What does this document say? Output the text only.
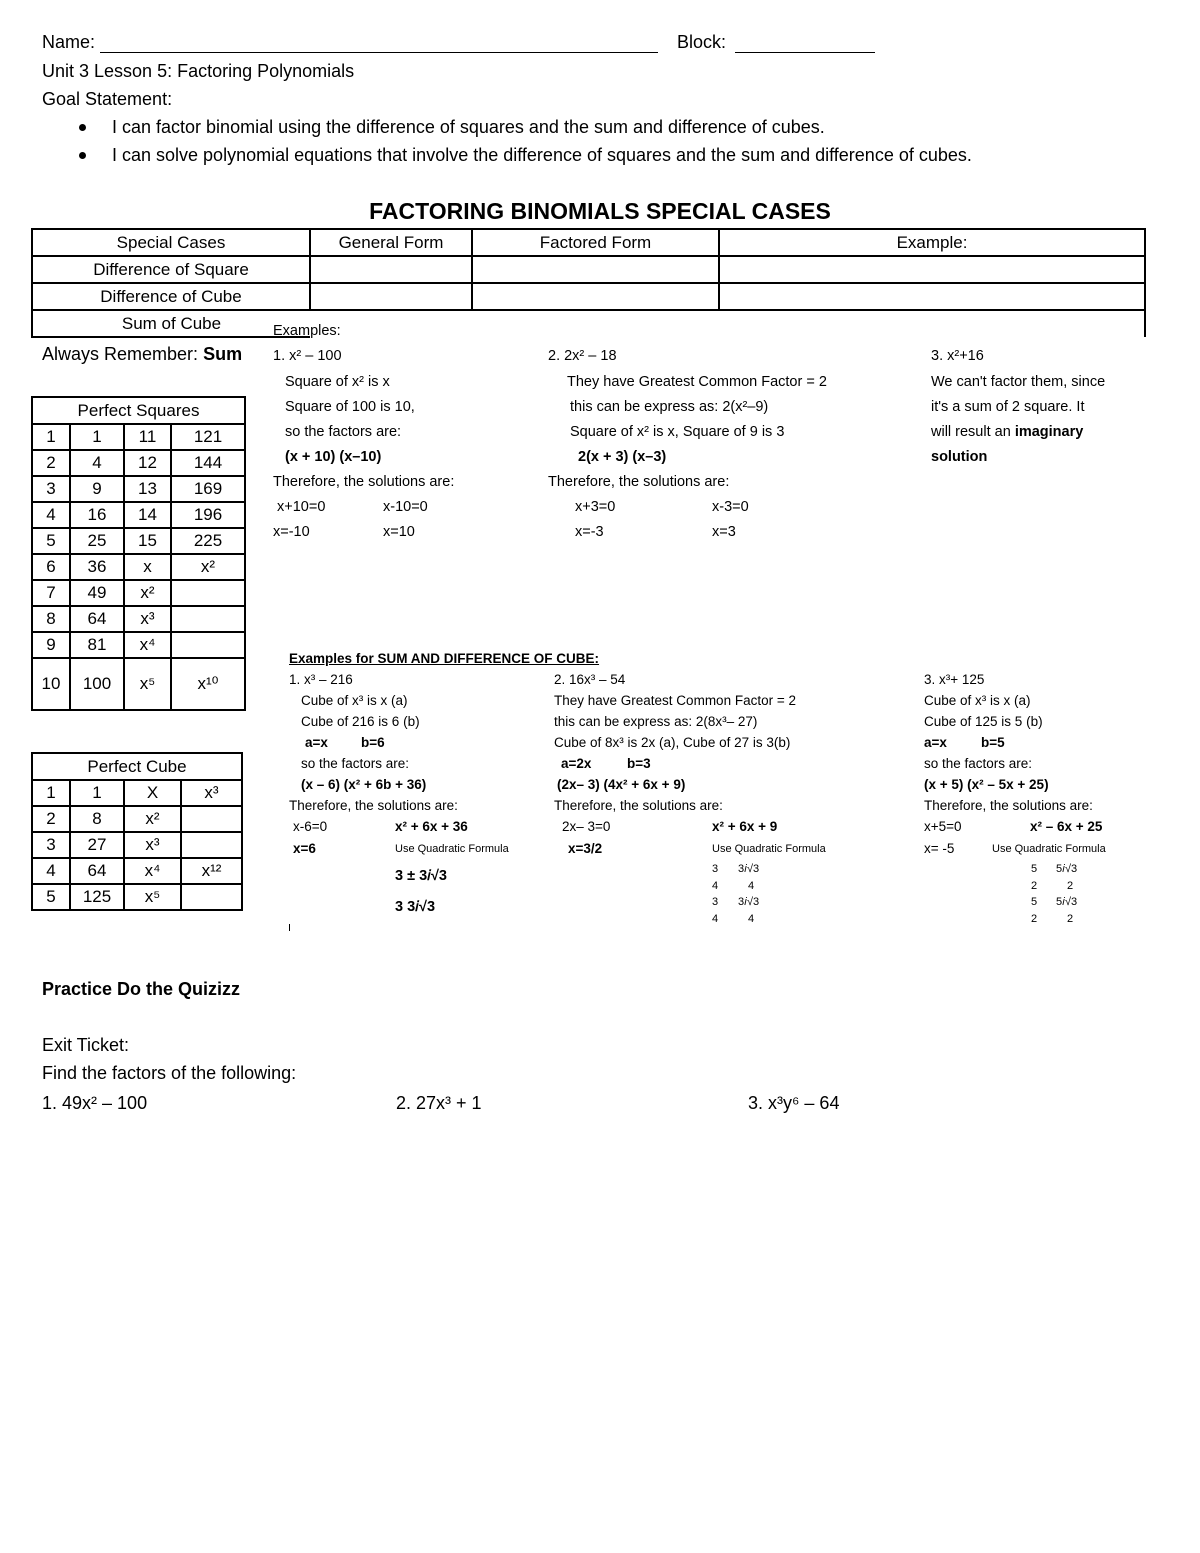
Name:	Block:
Unit 3 Lesson 5: Factoring Polynomials
Goal Statement:
I can factor binomial using the difference of squares and the sum and difference of cubes.
I can solve polynomial equations that involve the difference of squares and the sum and difference of cubes.
FACTORING BINOMIALS SPECIAL CASES
Special Cases	General Form	Factored Form	Example:
Difference of Square			
Difference of Cube			
Sum of Cube			
Always Remember: Sum
Perfect Squares			
1	1	11	121
2	4	12	144
3	9	13	169
4	16	14	196
5	25	15	225
6	36	x	x²
7	49	x²	
8	64	x³	
9	81	x⁴	
10	100	x⁵	x¹⁰
Perfect Cube			
1	1	X	x³
2	8	x²	
3	27	x³	
4	64	x⁴	x¹²
5	125	x⁵	
Examples:
1. x² – 100
Square of x² is x
Square of 100 is 10,
so the factors are:
(x + 10) (x–10)
Therefore, the solutions are:
x+10=0	x-10=0
x=-10	x=10
2. 2x² – 18
They have Greatest Common Factor = 2
this can be express as: 2(x²–9)
Square of x² is x, Square of 9 is 3
2(x + 3) (x–3)
Therefore, the solutions are:
x+3=0	x-3=0
x=-3	x=3
3. x²+16
We can't factor them, since
it's a sum of 2 square. It
will result an imaginary
solution
Examples for SUM AND DIFFERENCE OF CUBE:
1. x³ – 216
Cube of x³ is x (a)
Cube of 216 is 6 (b)
a=x b=6
so the factors are:
(x – 6) (x² + 6b + 36)
Therefore, the solutions are:
x-6=0	x² + 6x + 36
x=6	Use Quadratic Formula
3 ± 3𝑖√3
3 3𝑖√3
2. 16x³ – 54
They have Greatest Common Factor = 2
this can be express as: 2(8x³– 27)
Cube of 8x³ is 2x (a), Cube of 27 is 3(b)
a=2x	b=3
(2x– 3) (4x² + 6x + 9)
Therefore, the solutions are:
2x– 3=0	x² + 6x + 9
x=3/2	Use Quadratic Formula
3 3𝑖√3
4	4
3 3𝑖√3
4	4
3. x³+ 125
Cube of x³ is x (a)
Cube of 125 is 5 (b)
a=x	b=5
so the factors are:
(x + 5) (x² – 5x + 25)
Therefore, the solutions are:
x+5=0	x² – 6x + 25
x= -5	Use Quadratic Formula
5 5𝑖√3
2	2
5 5𝑖√3
2	2
Practice Do the Quizizz
Exit Ticket:
Find the factors of the following:
1. 49x² – 100	2. 27x³ + 1	3. x³y⁶ – 64
